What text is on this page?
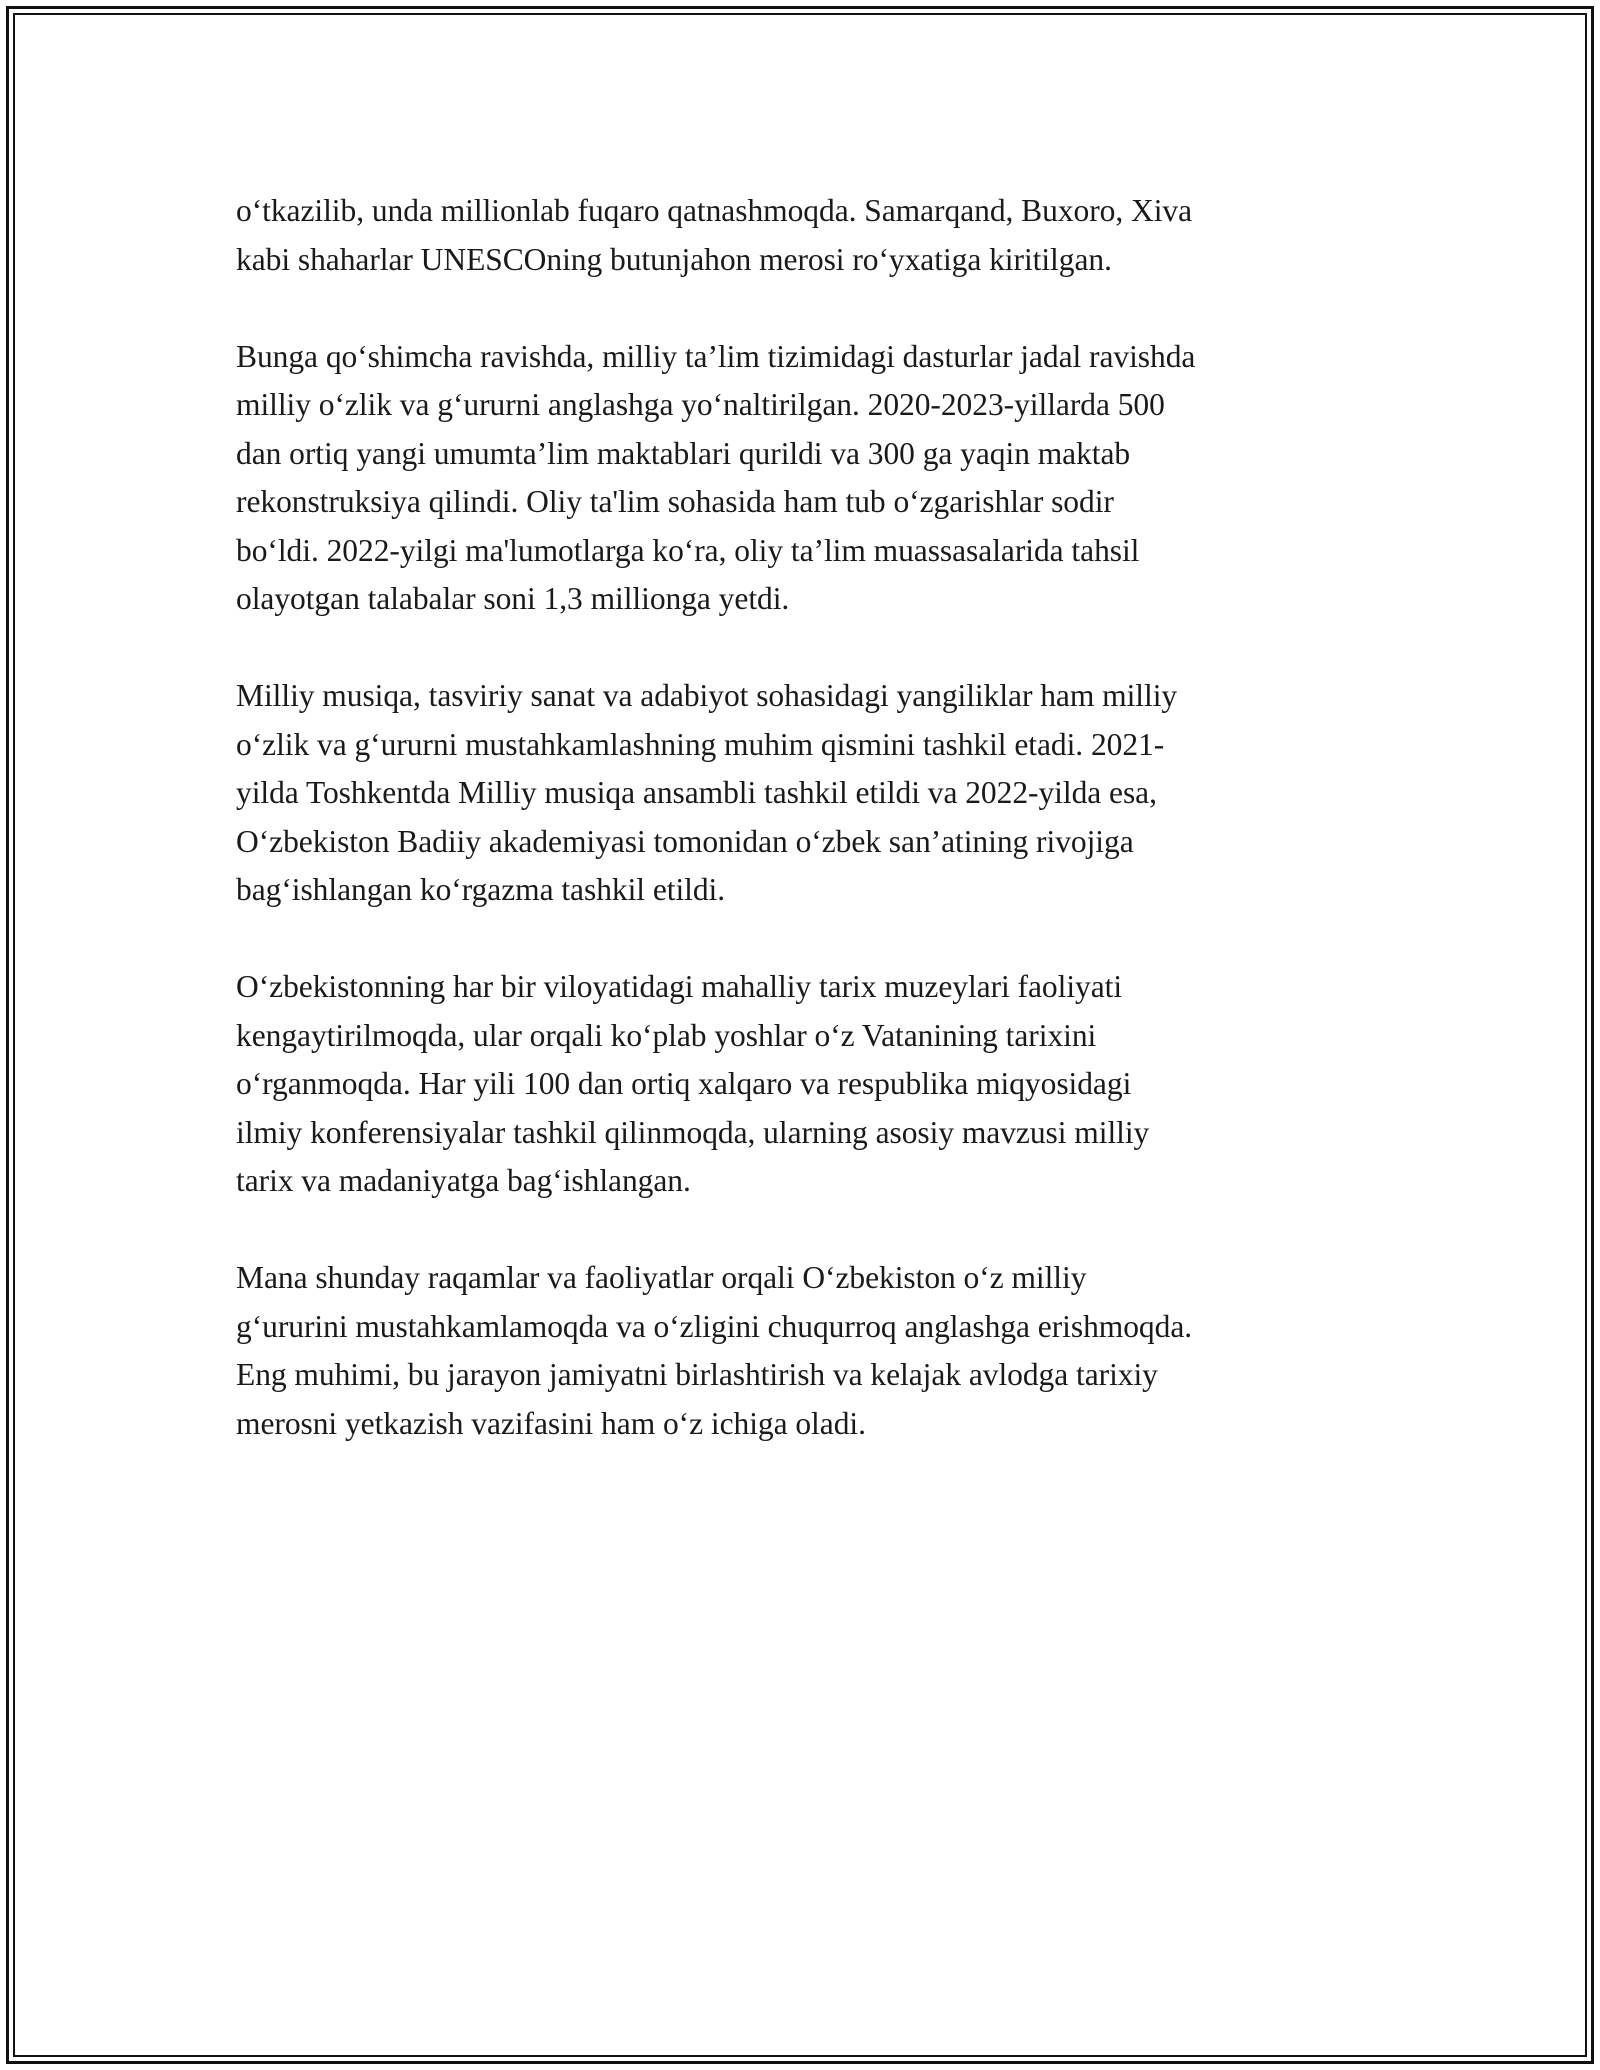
o‘tkazilib, unda millionlab fuqaro qatnashmoqda. Samarqand, Buxoro, Xiva
kabi shaharlar UNESCOning butunjahon merosi ro‘yxatiga kiritilgan.

Bunga qo‘shimcha ravishda, milliy ta’lim tizimidagi dasturlar jadal ravishda
milliy o‘zlik va g‘ururni anglashga yo‘naltirilgan. 2020-2023-yillarda 500
dan ortiq yangi umumta’lim maktablari qurildi va 300 ga yaqin maktab
rekonstruksiya qilindi. Oliy ta'lim sohasida ham tub o‘zgarishlar sodir
bo‘ldi. 2022-yilgi ma'lumotlarga ko‘ra, oliy ta’lim muassasalarida tahsil
olayotgan talabalar soni 1,3 millionga yetdi.

Milliy musiqa, tasviriy sanat va adabiyot sohasidagi yangiliklar ham milliy
o‘zlik va g‘ururni mustahkamlashning muhim qismini tashkil etadi. 2021-
yilda Toshkentda Milliy musiqa ansambli tashkil etildi va 2022-yilda esa,
O‘zbekiston Badiiy akademiyasi tomonidan o‘zbek san’atining rivojiga
bag‘ishlangan ko‘rgazma tashkil etildi.

O‘zbekistonning har bir viloyatidagi mahalliy tarix muzeylari faoliyati
kengaytirilmoqda, ular orqali ko‘plab yoshlar o‘z Vatanining tarixini
o‘rganmoqda. Har yili 100 dan ortiq xalqaro va respublika miqyosidagi
ilmiy konferensiyalar tashkil qilinmoqda, ularning asosiy mavzusi milliy
tarix va madaniyatga bag‘ishlangan.

Mana shunday raqamlar va faoliyatlar orqali O‘zbekiston o‘z milliy
g‘ururini mustahkamlamoqda va o‘zligini chuqurroq anglashga erishmoqda.
Eng muhimi, bu jarayon jamiyatni birlashtirish va kelajak avlodga tarixiy
merosni yetkazish vazifasini ham o‘z ichiga oladi.
